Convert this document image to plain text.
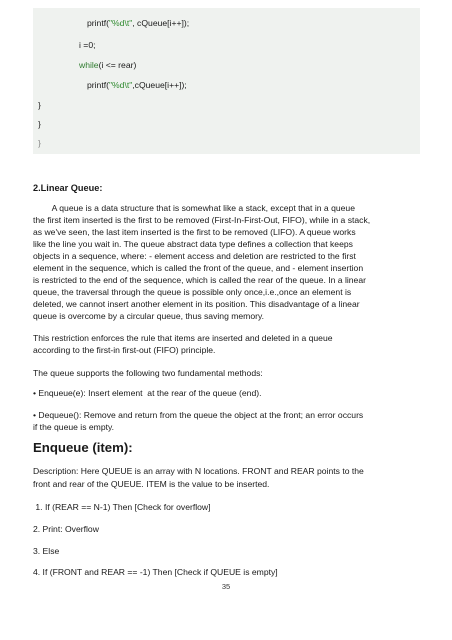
printf("%d\t", cQueue[i++]);
i =0;
while(i <= rear)
printf("%d\t",cQueue[i++]);
}
}
}
2.Linear Queue:
A queue is a data structure that is somewhat like a stack, except that in a queue
the first item inserted is the first to be removed (First-In-First-Out, FIFO), while in a stack,
as we've seen, the last item inserted is the first to be removed (LIFO). A queue works
like the line you wait in. The queue abstract data type defines a collection that keeps
objects in a sequence, where: - element access and deletion are restricted to the first
element in the sequence, which is called the front of the queue, and - element insertion
is restricted to the end of the sequence, which is called the rear of the queue. In a linear
queue, the traversal through the queue is possible only once,i.e.,once an element is
deleted, we cannot insert another element in its position. This disadvantage of a linear
queue is overcome by a circular queue, thus saving memory.
This restriction enforces the rule that items are inserted and deleted in a queue
according to the first-in first-out (FIFO) principle.
The queue supports the following two fundamental methods:
• Enqueue(e): Insert element  at the rear of the queue (end).
• Dequeue(): Remove and return from the queue the object at the front; an error occurs
if the queue is empty.
Enqueue (item):
Description: Here QUEUE is an array with N locations. FRONT and REAR points to the
front and rear of the QUEUE. ITEM is the value to be inserted.
1. If (REAR == N-1) Then [Check for overflow]
2. Print: Overflow
3. Else
4. If (FRONT and REAR == -1) Then [Check if QUEUE is empty]
35
